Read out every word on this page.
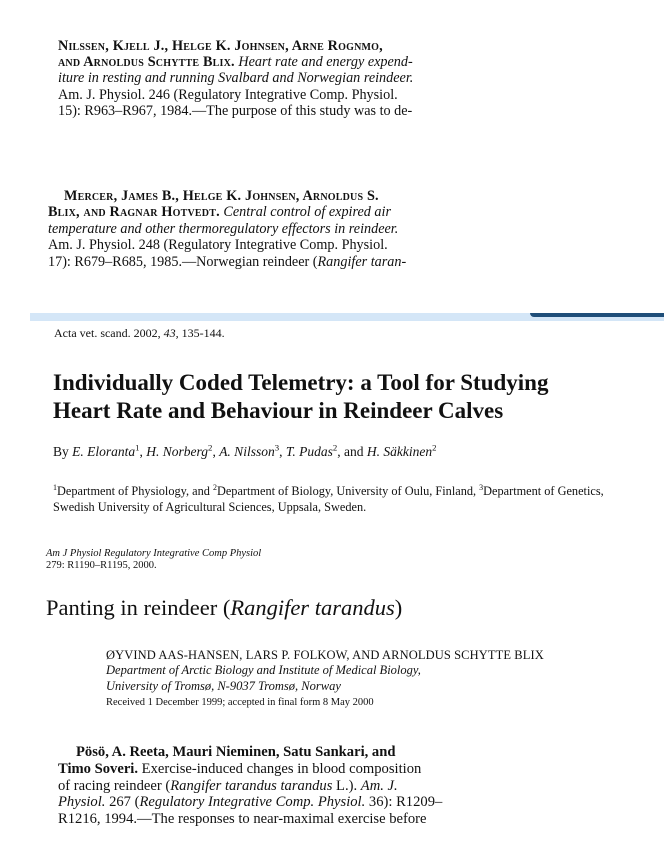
Nilssen, Kjell J., Helge K. Johnsen, Arne Rognmo,
and Arnoldus Schytte Blix. Heart rate and energy expend-
iture in resting and running Svalbard and Norwegian reindeer.
Am. J. Physiol. 246 (Regulatory Integrative Comp. Physiol.
15): R963–R967, 1984.—The purpose of this study was to de-
Mercer, James B., Helge K. Johnsen, Arnoldus S.
Blix, and Ragnar Hotvedt. Central control of expired air
temperature and other thermoregulatory effectors in reindeer.
Am. J. Physiol. 248 (Regulatory Integrative Comp. Physiol.
17): R679–R685, 1985.—Norwegian reindeer (Rangifer taran-
Acta vet. scand. 2002, 43, 135-144.
Individually Coded Telemetry: a Tool for Studying
Heart Rate and Behaviour in Reindeer Calves
By E. Eloranta$^1$, H. Norberg$^2$, A. Nilsson$^3$, T. Pudas$^2$, and H. Säkkinen$^2$
$^1$Department of Physiology, and $^2$Department of Biology, University of Oulu, Finland, $^3$Department of Genetics,
Swedish University of Agricultural Sciences, Uppsala, Sweden.
Am J Physiol Regulatory Integrative Comp Physiol
279: R1190–R1195, 2000.
Panting in reindeer (Rangifer tarandus)
ØYVIND AAS-HANSEN, LARS P. FOLKOW, AND ARNOLDUS SCHYTTE BLIX
Department of Arctic Biology and Institute of Medical Biology,
University of Tromsø, N-9037 Tromsø, Norway
Received 1 December 1999; accepted in final form 8 May 2000
Pösö, A. Reeta, Mauri Nieminen, Satu Sankari, and
Timo Soveri. Exercise-induced changes in blood composition
of racing reindeer (Rangifer tarandus tarandus L.). Am. J.
Physiol. 267 (Regulatory Integrative Comp. Physiol. 36): R1209–
R1216, 1994.—The responses to near-maximal exercise before
